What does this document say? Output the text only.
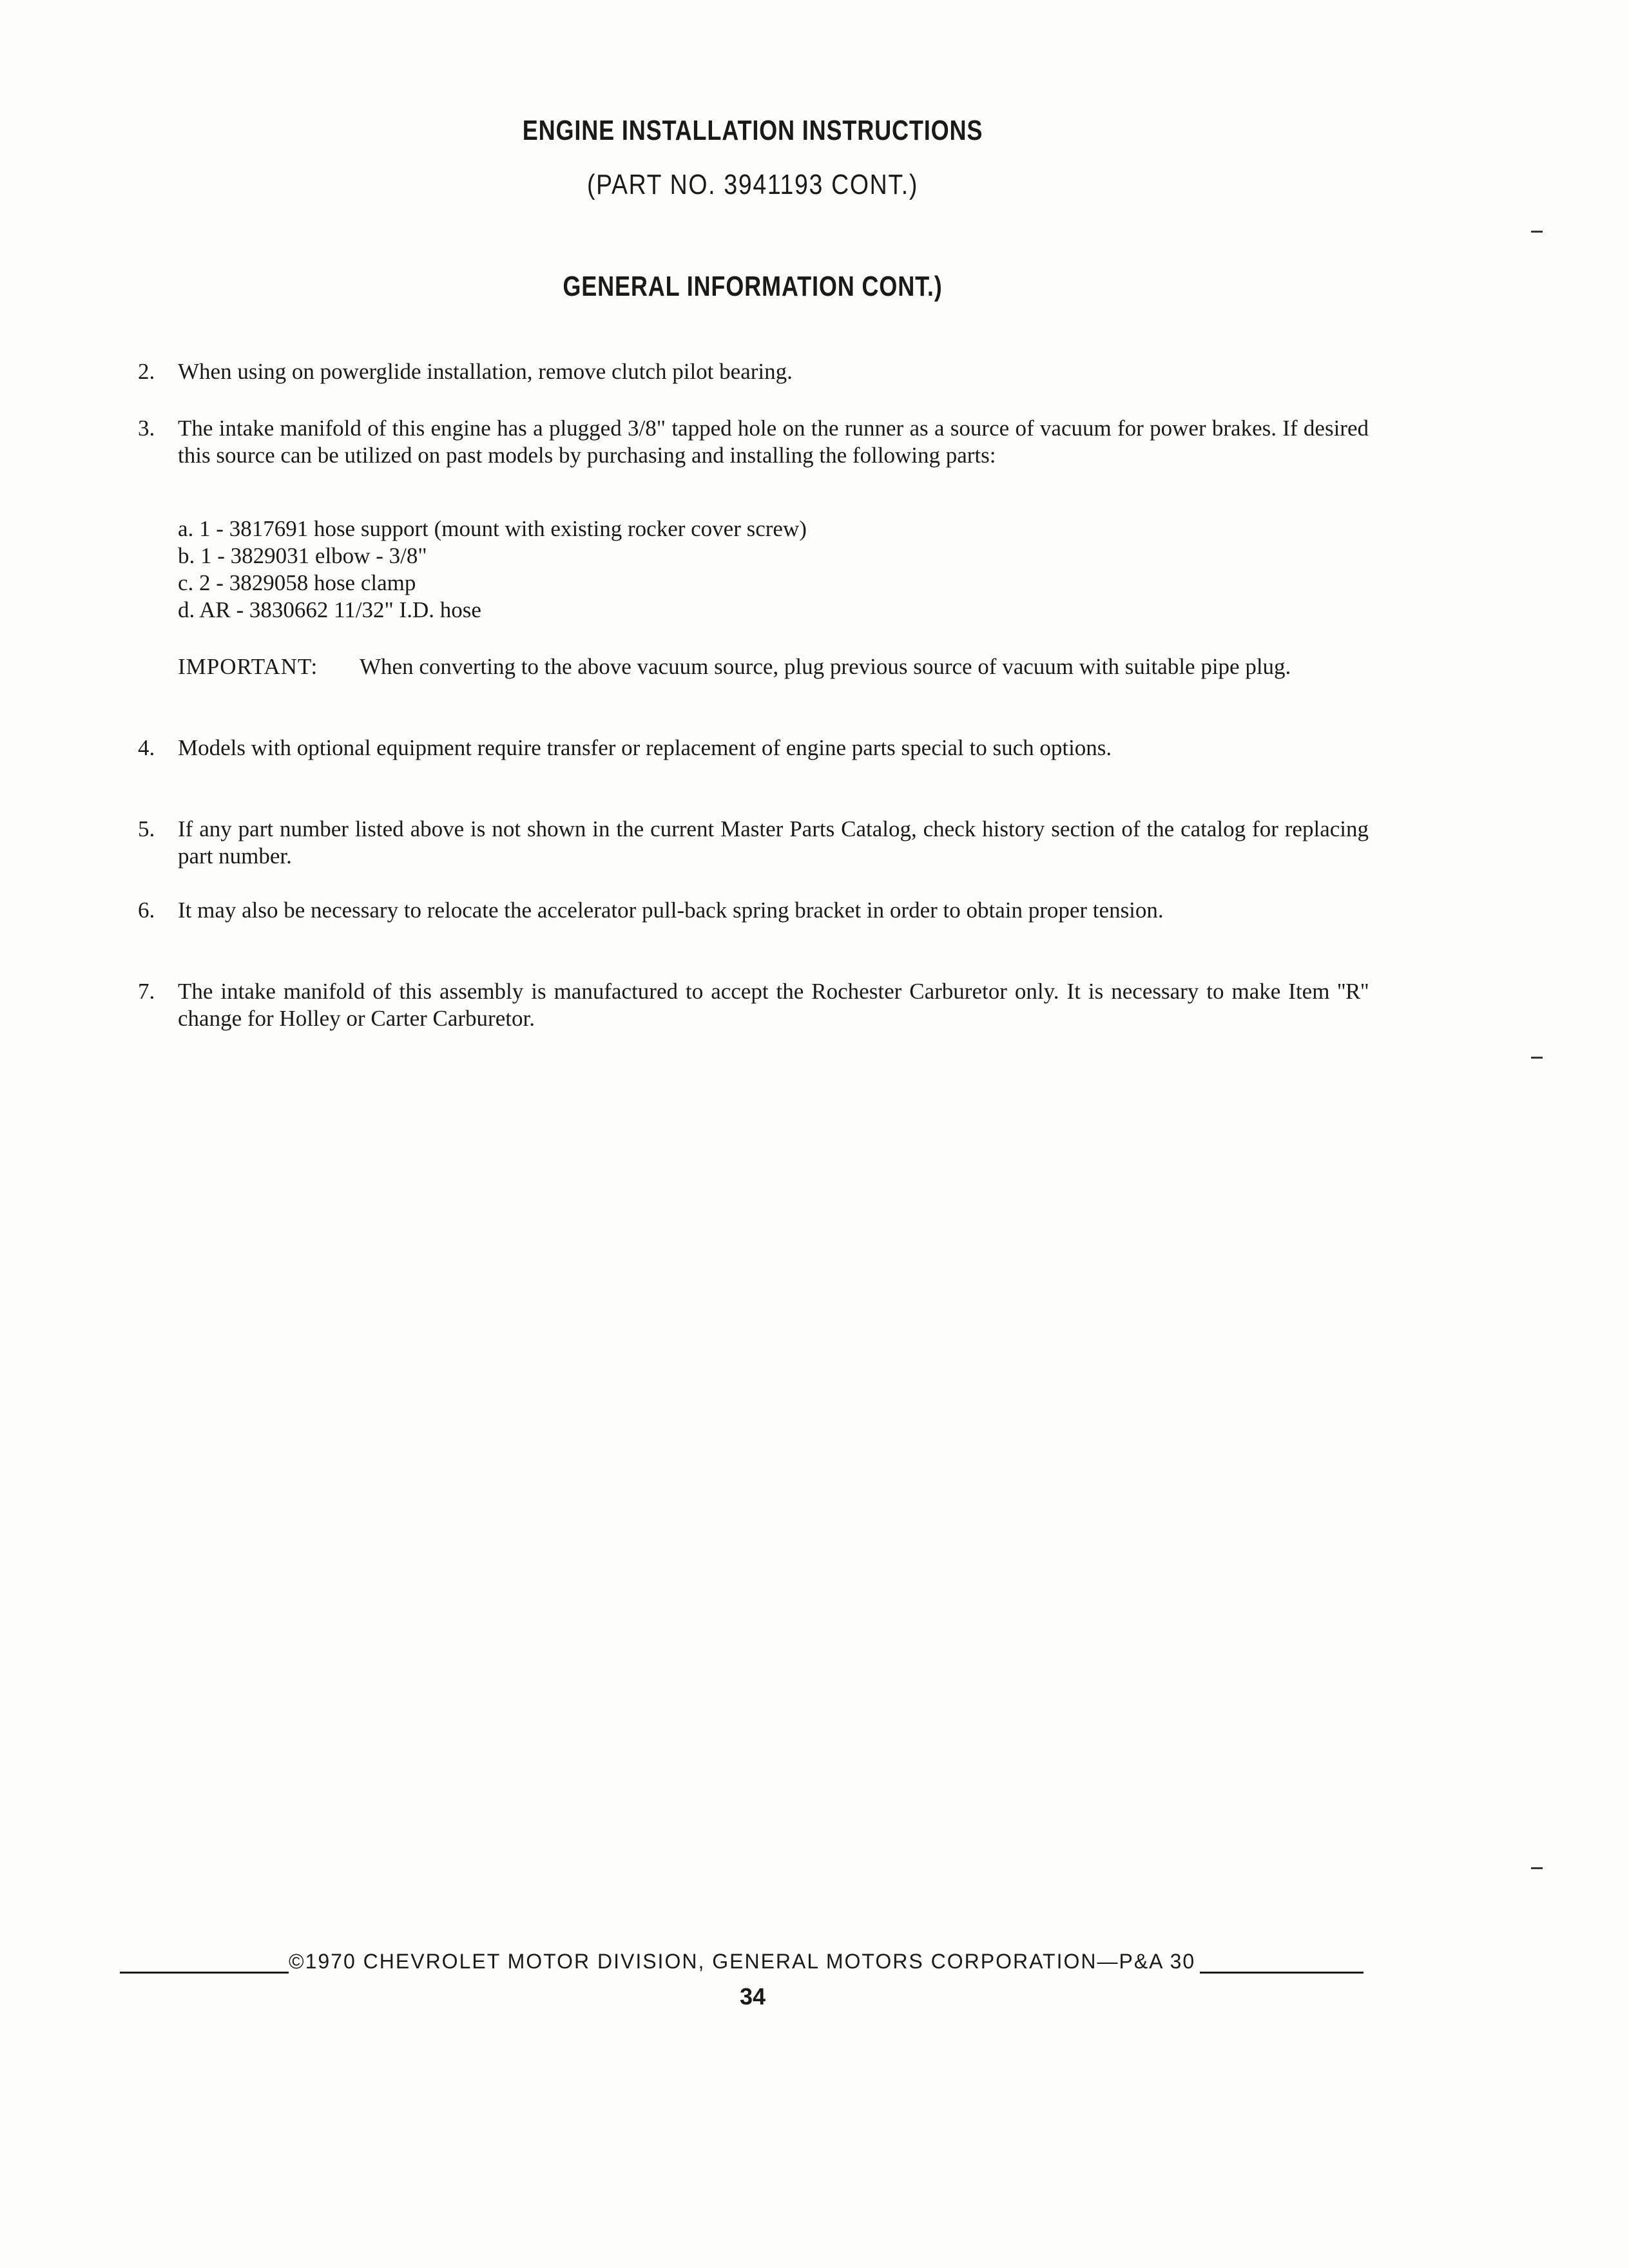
ENGINE INSTALLATION INSTRUCTIONS
(PART NO. 3941193 CONT.)
GENERAL INFORMATION CONT.)
2.	When using on powerglide installation, remove clutch pilot bearing.
3.	The intake manifold of this engine has a plugged 3/8" tapped hole on the runner as a source of vacuum for power brakes. If desired this source can be utilized on past models by purchasing and installing the following parts:
a. 1 - 3817691 hose support (mount with existing rocker cover screw)
b. 1 - 3829031 elbow - 3/8"
c. 2 - 3829058 hose clamp
d. AR - 3830662 11/32" I.D. hose
IMPORTANT: When converting to the above vacuum source, plug previous source of vacuum with suitable pipe plug.
4.	Models with optional equipment require transfer or replacement of engine parts special to such options.
5.	If any part number listed above is not shown in the current Master Parts Catalog, check history section of the catalog for replacing part number.
6.	It may also be necessary to relocate the accelerator pull-back spring bracket in order to obtain proper tension.
7.	The intake manifold of this assembly is manufactured to accept the Rochester Carburetor only. It is necessary to make Item ''R'' change for Holley or Carter Carburetor.
©1970 CHEVROLET MOTOR DIVISION, GENERAL MOTORS CORPORATION—P&A 30
34
